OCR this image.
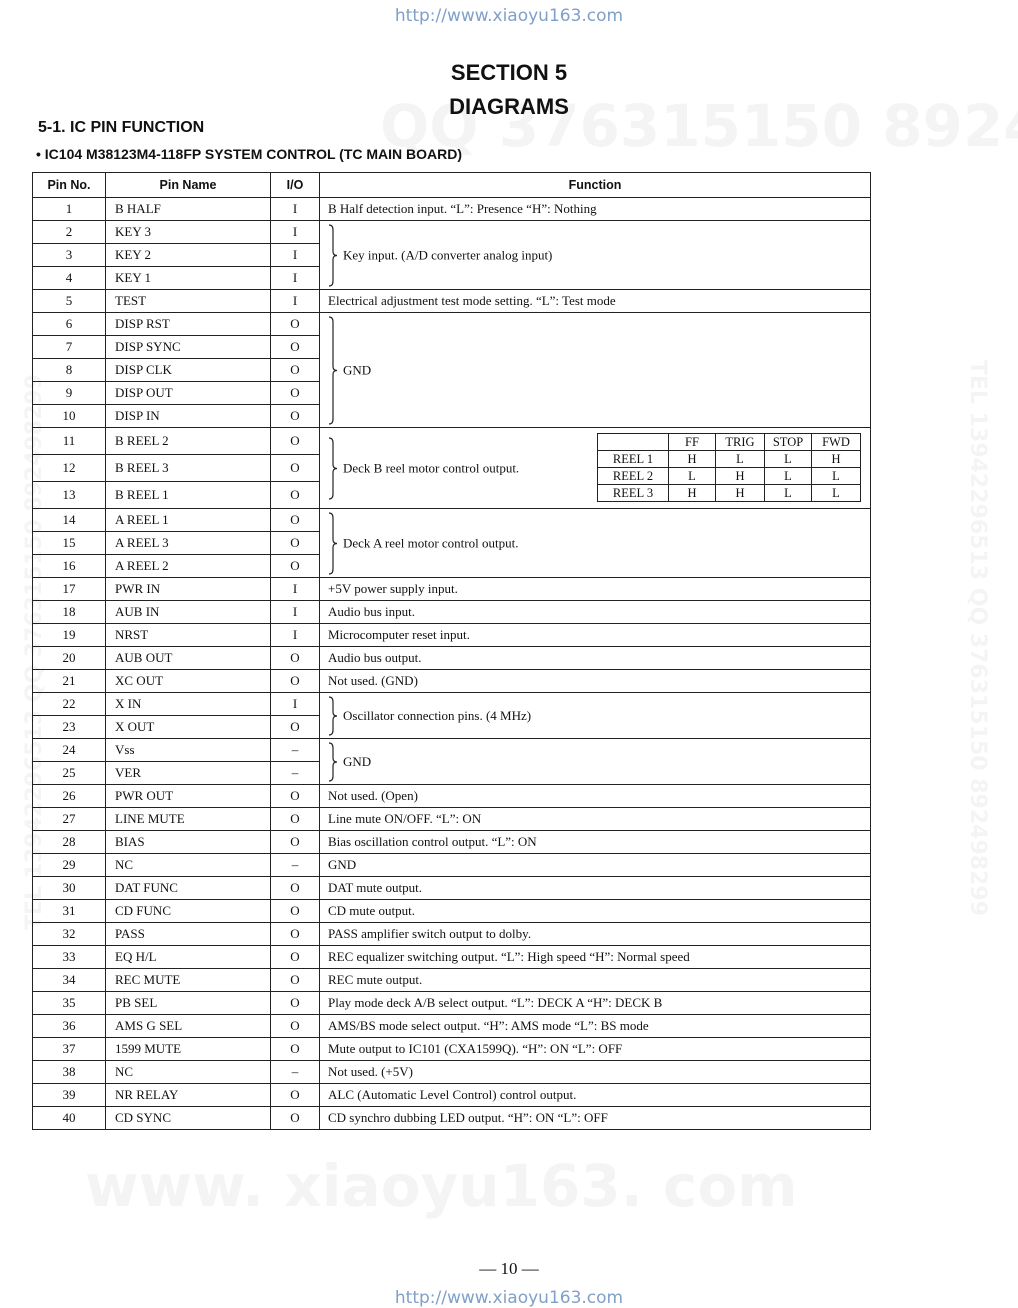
http://www.xiaoyu163.com
SECTION 5
DIAGRAMS
5-1. IC PIN FUNCTION
• IC104 M38123M4-118FP SYSTEM CONTROL (TC MAIN BOARD)
Pin No.	Pin Name	I/O	Function
1	B HALF	I	B Half detection input. “L”: Presence “H”: Nothing
2	KEY 3	I	Key input. (A/D converter analog input)
3	KEY 2	I
4	KEY 1	I
5	TEST	I	Electrical adjustment test mode setting. “L”: Test mode
6	DISP RST	O	GND
7	DISP SYNC	O
8	DISP CLK	O
9	DISP OUT	O
10	DISP IN	O
11	B REEL 2	O	Deck B reel motor control output.
	FF	TRIG	STOP	FWD
REEL 1	H	L	L	H
REEL 2	L	H	L	L
REEL 3	H	H	L	L

12	B REEL 3	O
13	B REEL 1	O
14	A REEL 1	O	Deck A reel motor control output.
15	A REEL 3	O
16	A REEL 2	O
17	PWR IN	I	+5V power supply input.
18	AUB IN	I	Audio bus input.
19	NRST	I	Microcomputer reset input.
20	AUB OUT	O	Audio bus output.
21	XC OUT	O	Not used. (GND)
22	X IN	I	Oscillator connection pins. (4 MHz)
23	X OUT	O
24	Vss	–	GND
25	VER	–
26	PWR OUT	O	Not used. (Open)
27	LINE MUTE	O	Line mute ON/OFF. “L”: ON
28	BIAS	O	Bias oscillation control output. “L”: ON
29	NC	–	GND
30	DAT FUNC	O	DAT mute output.
31	CD FUNC	O	CD mute output.
32	PASS	O	PASS amplifier switch output to dolby.
33	EQ H/L	O	REC equalizer switching output. “L”: High speed “H”: Normal speed
34	REC MUTE	O	REC mute output.
35	PB SEL	O	Play mode deck A/B select output. “L”: DECK A “H”: DECK B
36	AMS G SEL	O	AMS/BS mode select output. “H”: AMS mode “L”: BS mode
37	1599 MUTE	O	Mute output to IC101 (CXA1599Q). “H”: ON “L”: OFF
38	NC	–	Not used. (+5V)
39	NR RELAY	O	ALC (Automatic Level Control) control output.
40	CD SYNC	O	CD synchro dubbing LED output. “H”: ON “L”: OFF
— 10 —
http://www.xiaoyu163.com
